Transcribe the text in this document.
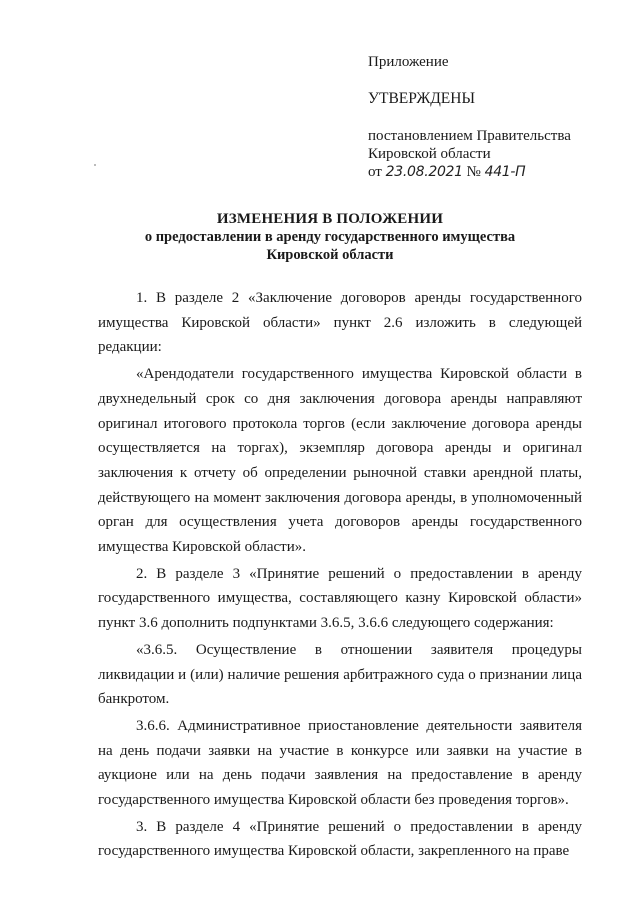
Приложение
УТВЕРЖДЕНЫ
постановлением Правительства
Кировской области
от 23.08.2021 № 441-П
ИЗМЕНЕНИЯ В ПОЛОЖЕНИИ
о предоставлении в аренду государственного имущества
Кировской области

1. В разделе 2 «Заключение договоров аренды государственного имущества Кировской области» пункт 2.6 изложить в следующей редакции:

«Арендодатели государственного имущества Кировской области в двухнедельный срок со дня заключения договора аренды направляют оригинал итогового протокола торгов (если заключение договора аренды осуществляется на торгах), экземпляр договора аренды и оригинал заключения к отчету об определении рыночной ставки арендной платы, действующего на момент заключения договора аренды, в уполномоченный орган для осуществления учета договоров аренды государственного имущества Кировской области».

2. В разделе 3 «Принятие решений о предоставлении в аренду государственного имущества, составляющего казну Кировской области» пункт 3.6 дополнить подпунктами 3.6.5, 3.6.6 следующего содержания:

«3.6.5. Осуществление в отношении заявителя процедуры ликвидации и (или) наличие решения арбитражного суда о признании лица банкротом.

3.6.6. Административное приостановление деятельности заявителя на день подачи заявки на участие в конкурсе или заявки на участие в аукционе или на день подачи заявления на предоставление в аренду государственного имущества Кировской области без проведения торгов».

3. В разделе 4 «Принятие решений о предоставлении в аренду государственного имущества Кировской области, закрепленного на праве
